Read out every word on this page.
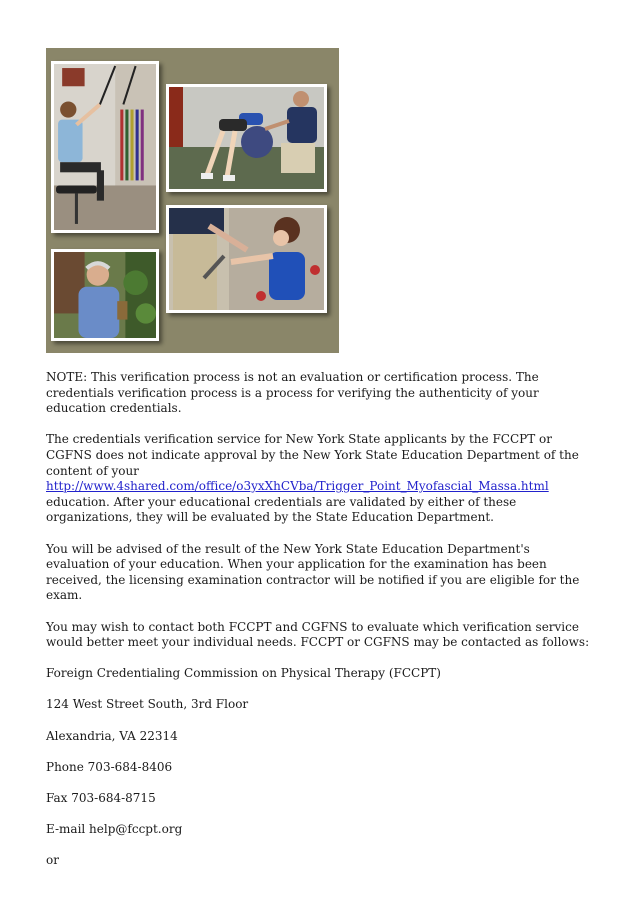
NOTE: This verification process is not an evaluation or certification process. The credentials verification process is a process for verifying the authenticity of your education credentials.

The credentials verification service for New York State applicants by the FCCPT or CGFNS does not indicate approval by the New York State Education Department of the content of your http://www.4shared.com/office/o3yxXhCVba/Trigger_Point_Myofascial_Massa.html education. After your educational credentials are validated by either of these organizations, they will be evaluated by the State Education Department.

You will be advised of the result of the New York State Education Department's evaluation of your education. When your application for the examination has been received, the licensing examination contractor will be notified if you are eligible for the exam.

You may wish to contact both FCCPT and CGFNS to evaluate which verification service would better meet your individual needs. FCCPT or CGFNS may be contacted as follows:

Foreign Credentialing Commission on Physical Therapy (FCCPT)

124 West Street South, 3rd Floor

Alexandria, VA 22314

Phone 703-684-8406

Fax 703-684-8715

E-mail help@fccpt.org

or
